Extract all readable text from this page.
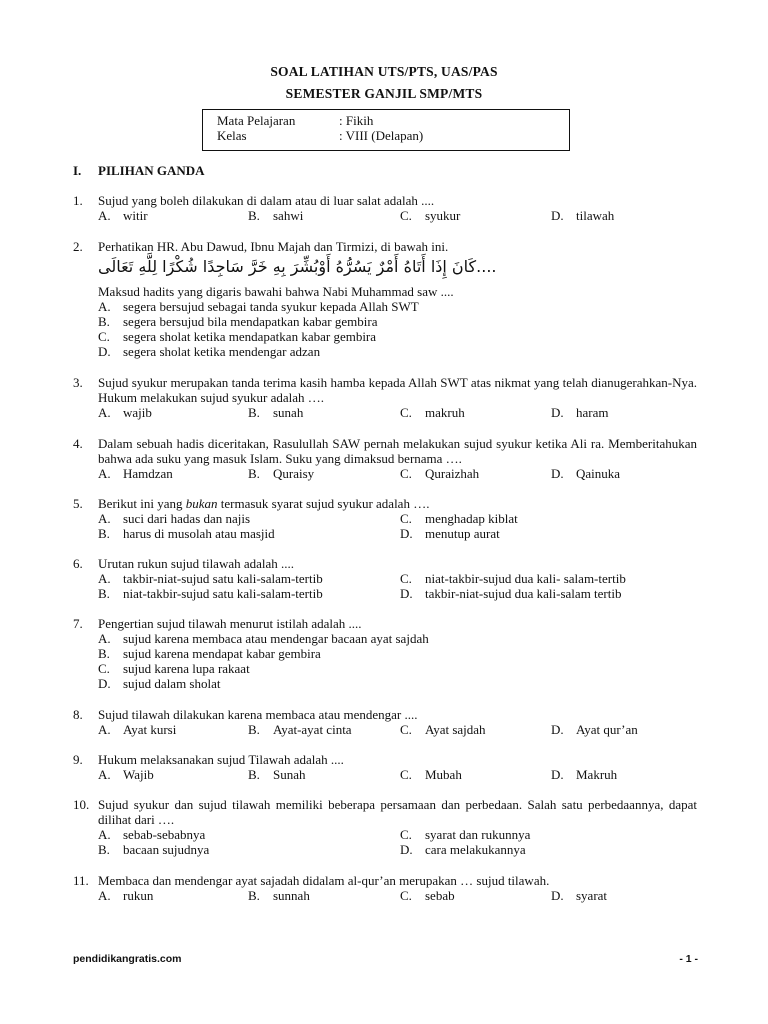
SOAL LATIHAN UTS/PTS, UAS/PAS
SEMESTER GANJIL SMP/MTS
Mata Pelajaran	: Fikih
Kelas	: VIII (Delapan)
I. PILIHAN GANDA
1. Sujud yang boleh dilakukan di dalam atau di luar salat adalah ....
A. witir	B. sahwi	C. syukur	D. tilawah
2. Perhatikan HR. Abu Dawud, Ibnu Majah dan Tirmizi, di bawah ini.
....كَانَ إِذَا أَتَاهُ أَمْرٌ يَسُرُّهُ أَوْبُشِّرَ بِهِ خَرَّ سَاجِدًا شُكْرًا لِلَّهِ تَعَالَى
Maksud hadits yang digaris bawahi bahwa Nabi Muhammad saw ....
A. segera bersujud sebagai tanda syukur kepada Allah SWT
B. segera bersujud bila mendapatkan kabar gembira
C. segera sholat ketika mendapatkan kabar gembira
D. segera sholat ketika mendengar adzan
3. Sujud syukur merupakan tanda terima kasih hamba kepada Allah SWT atas nikmat yang telah dianugerahkan-Nya. Hukum melakukan sujud syukur adalah ….
A. wajib	B. sunah	C. makruh	D. haram
4. Dalam sebuah hadis diceritakan, Rasulullah SAW pernah melakukan sujud syukur ketika Ali ra. Memberitahukan bahwa ada suku yang masuk Islam. Suku yang dimaksud bernama ….
A. Hamdzan	B. Quraisy	C. Quraizhah	D. Qainuka
5. Berikut ini yang bukan termasuk syarat sujud syukur adalah ….
A. suci dari hadas dan najis	C. menghadap kiblat
B. harus di musolah atau masjid	D. menutup aurat
6. Urutan rukun sujud tilawah adalah ....
A. takbir-niat-sujud satu kali-salam-tertib	C. niat-takbir-sujud dua kali- salam-tertib
B. niat-takbir-sujud satu kali-salam-tertib	D. takbir-niat-sujud dua kali-salam tertib
7. Pengertian sujud tilawah menurut istilah adalah ....
A. sujud karena membaca atau mendengar bacaan ayat sajdah
B. sujud karena mendapat kabar gembira
C. sujud karena lupa rakaat
D. sujud dalam sholat
8. Sujud tilawah dilakukan karena membaca atau mendengar ....
A. Ayat kursi	B. Ayat-ayat cinta	C. Ayat sajdah	D. Ayat qur’an
9. Hukum melaksanakan sujud Tilawah adalah ....
A. Wajib	B. Sunah	C. Mubah	D. Makruh
10. Sujud syukur dan sujud tilawah memiliki beberapa persamaan dan perbedaan. Salah satu perbedaannya, dapat dilihat dari ….
A. sebab-sebabnya	C. syarat dan rukunnya
B. bacaan sujudnya	D. cara melakukannya
11. Membaca dan mendengar ayat sajadah didalam al-qur’an merupakan … sujud tilawah.
A. rukun	B. sunnah	C. sebab	D. syarat
pendidikangratis.com	- 1 -
